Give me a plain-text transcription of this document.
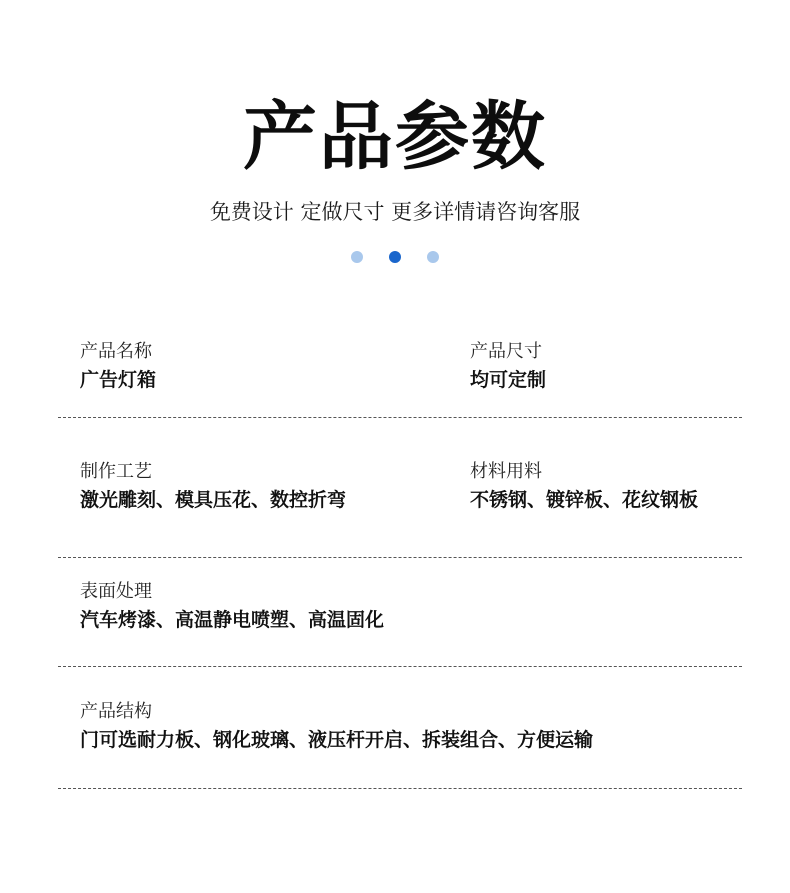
产品参数
免费设计 定做尺寸 更多详情请咨询客服
产品名称
广告灯箱
产品尺寸
均可定制
制作工艺
激光雕刻、模具压花、数控折弯
材料用料
不锈钢、镀锌板、花纹钢板
表面处理
汽车烤漆、高温静电喷塑、高温固化
产品结构
门可选耐力板、钢化玻璃、液压杆开启、拆装组合、方便运输
